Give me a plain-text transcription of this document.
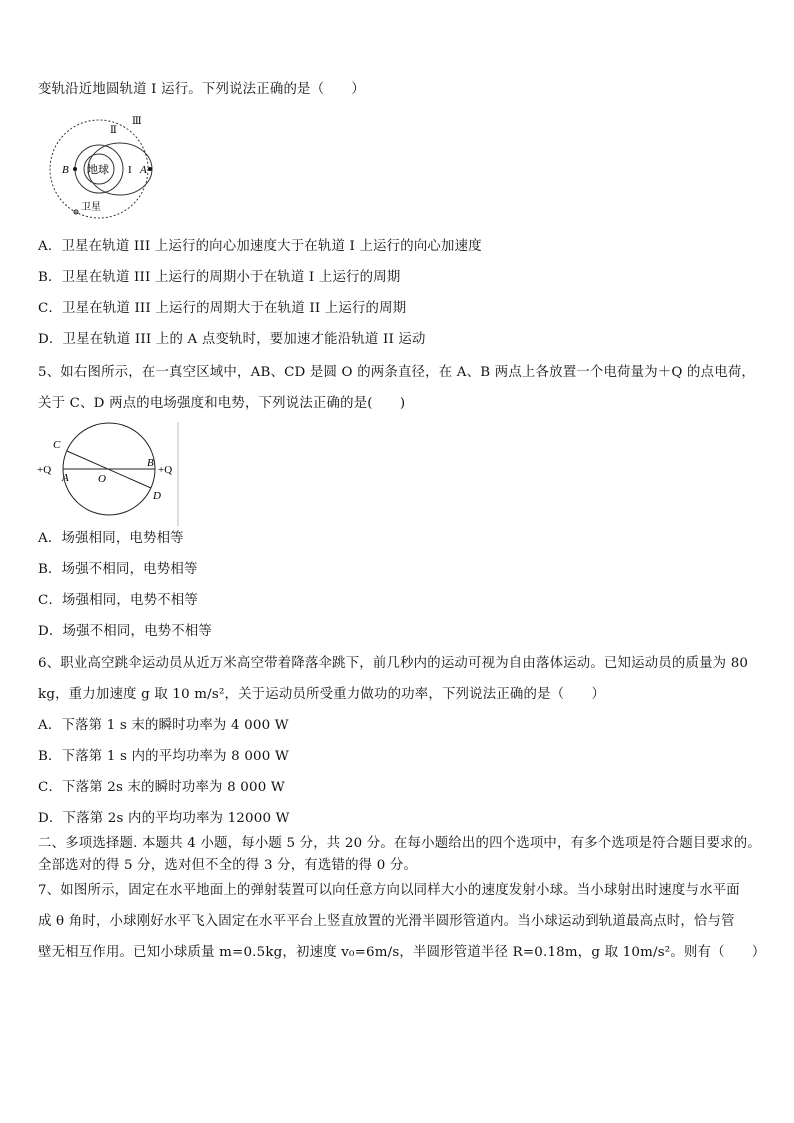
变轨沿近地圆轨道 I 运行。下列说法正确的是（　　）
地球
B	A
I
Ⅱ
Ⅲ
卫星
A．卫星在轨道 III 上运行的向心加速度大于在轨道 I 上运行的向心加速度
B．卫星在轨道 III 上运行的周期小于在轨道 I 上运行的周期
C．卫星在轨道 III 上运行的周期大于在轨道 II 上运行的周期
D．卫星在轨道 III 上的 A 点变轨时，要加速才能沿轨道 II 运动
5、如右图所示，在一真空区域中，AB、CD 是圆 O 的两条直径，在 A、B 两点上各放置一个电荷量为＋Q 的点电荷，
关于 C、D 两点的电场强度和电势，下列说法正确的是(　　)
C
D
A
B
O
+Q	+Q
A．场强相同，电势相等
B．场强不相同，电势相等
C．场强相同，电势不相等
D．场强不相同，电势不相等
6、职业高空跳伞运动员从近万米高空带着降落伞跳下，前几秒内的运动可视为自由落体运动。已知运动员的质量为 80
kg，重力加速度 g 取 10 m/s²，关于运动员所受重力做功的功率，下列说法正确的是（　　）
A．下落第 1 s 末的瞬时功率为 4 000 W
B．下落第 1 s 内的平均功率为 8 000 W
C．下落第 2s 末的瞬时功率为 8 000 W
D．下落第 2s 内的平均功率为 12000 W
二、多项选择题. 本题共 4 小题，每小题 5 分，共 20 分。在每小题给出的四个选项中，有多个选项是符合题目要求的。
全部选对的得 5 分，选对但不全的得 3 分，有选错的得 0 分。
7、如图所示，固定在水平地面上的弹射装置可以向任意方向以同样大小的速度发射小球。当小球射出时速度与水平面
成 θ 角时，小球刚好水平飞入固定在水平平台上竖直放置的光滑半圆形管道内。当小球运动到轨道最高点时，恰与管
壁无相互作用。已知小球质量 m=0.5kg，初速度 v₀=6m/s，半圆形管道半径 R=0.18m，g 取 10m/s²。则有（　　）
